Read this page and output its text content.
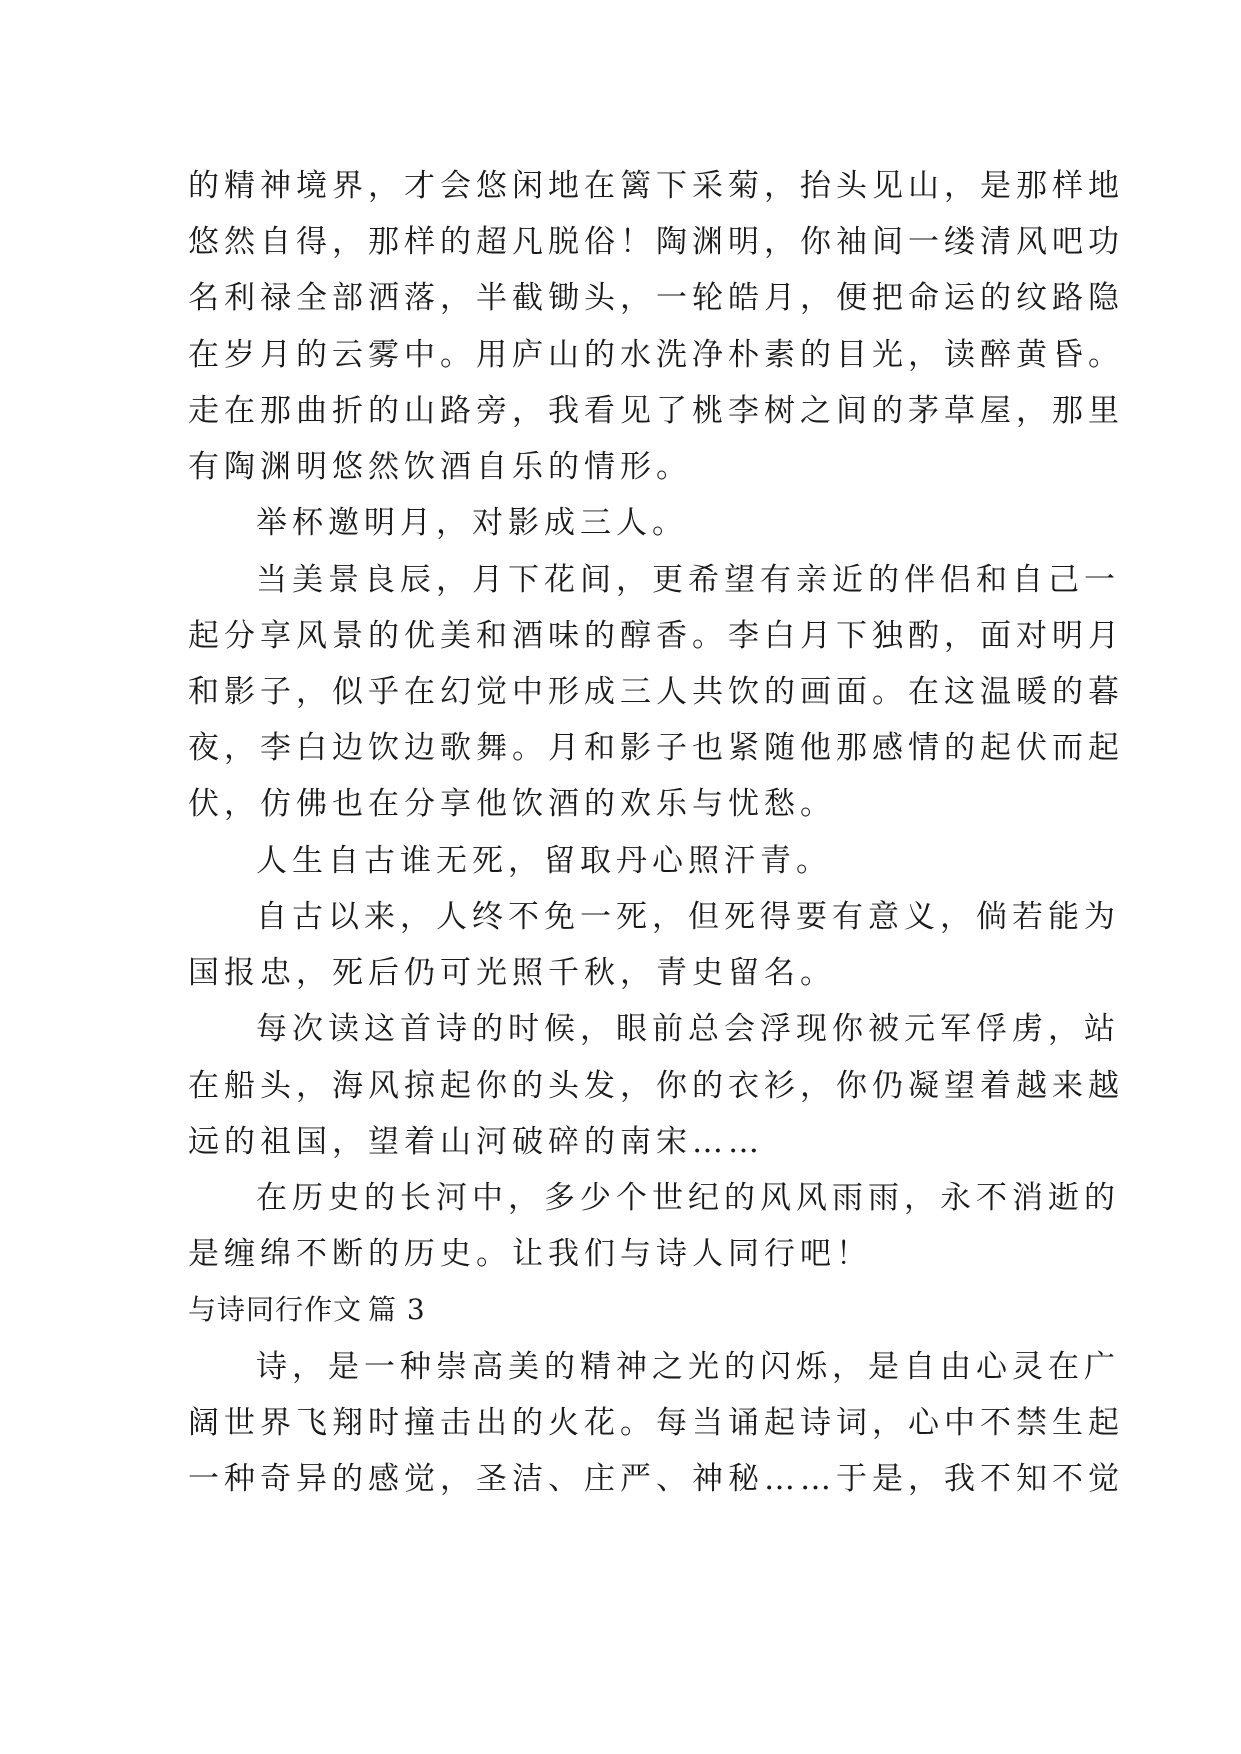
的精神境界，才会悠闲地在篱下采菊，抬头见山，是那样地
悠然自得，那样的超凡脱俗！陶渊明，你袖间一缕清风吧功
名利禄全部洒落，半截锄头，一轮皓月，便把命运的纹路隐
在岁月的云雾中。用庐山的水洗净朴素的目光，读醉黄昏。
走在那曲折的山路旁，我看见了桃李树之间的茅草屋，那里
有陶渊明悠然饮酒自乐的情形。
举杯邀明月，对影成三人。
当美景良辰，月下花间，更希望有亲近的伴侣和自己一
起分享风景的优美和酒味的醇香。李白月下独酌，面对明月
和影子，似乎在幻觉中形成三人共饮的画面。在这温暖的暮
夜，李白边饮边歌舞。月和影子也紧随他那感情的起伏而起
伏，仿佛也在分享他饮酒的欢乐与忧愁。
人生自古谁无死，留取丹心照汗青。
自古以来，人终不免一死，但死得要有意义，倘若能为
国报忠，死后仍可光照千秋，青史留名。
每次读这首诗的时候，眼前总会浮现你被元军俘虏，站
在船头，海风掠起你的头发，你的衣衫，你仍凝望着越来越
远的祖国，望着山河破碎的南宋……
在历史的长河中，多少个世纪的风风雨雨，永不消逝的
是缠绵不断的历史。让我们与诗人同行吧！
与诗同行作文 篇 3
诗，是一种崇高美的精神之光的闪烁，是自由心灵在广
阔世界飞翔时撞击出的火花。每当诵起诗词，心中不禁生起
一种奇异的感觉，圣洁、庄严、神秘……于是，我不知不觉
